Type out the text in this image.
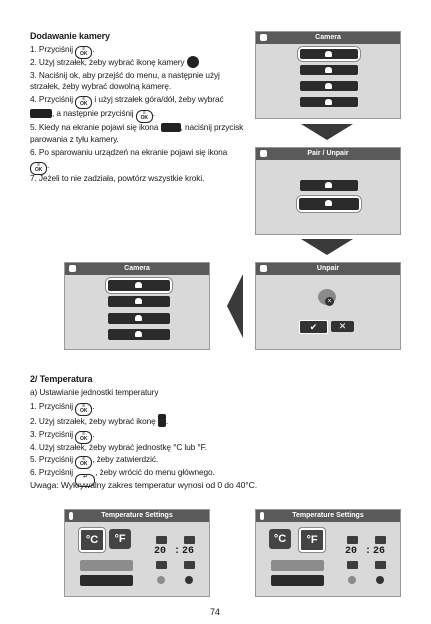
Dodawanie kamery
1. Przyciśnij	≡
OK .
2. Użyj strzałek, żeby wybrać ikonę kamery
3. Naciśnij ok, aby przejść do menu, a następnie użyj
strzałek, żeby wybrać dowolną kamerę.
4. Przyciśnij	≡
OK i użyj strzałek góra/dół, żeby wybrać
, a następnie przyciśnij	≡
OK .
5. Kiedy na ekranie pojawi się ikona	, naciśnij przycisk
parowania z tyłu kamery.
6. Po sparowaniu urządzeń na ekranie pojawi się ikona
≡
OK .
7. Jeżeli to nie zadziała, powtórz wszystkie kroki.
Camera
Pair / Unpair
Camera	Unpair
×
✔	✕
2/ Temperatura
a) Ustawianie jednostki temperatury
1. Przyciśnij	≡
OK .
2. Użyj strzałek, żeby wybrać ikonę .
3. Przyciśnij	≡
OK .
4. Użyj strzałek, żeby wybrać jednostkę °C lub °F.
5. Przyciśnij	≡
OK , żeby zatwierdzić.
6. Przyciśnij	↩ , żeby wrócić do menu głównego.
Uwaga: Wykrywalny zakres temperatur wynosi od 0 do 40°C.
Temperature Settings
°C	°F
20 : 26
Temperature Settings
°C	°F
20 : 26
74
